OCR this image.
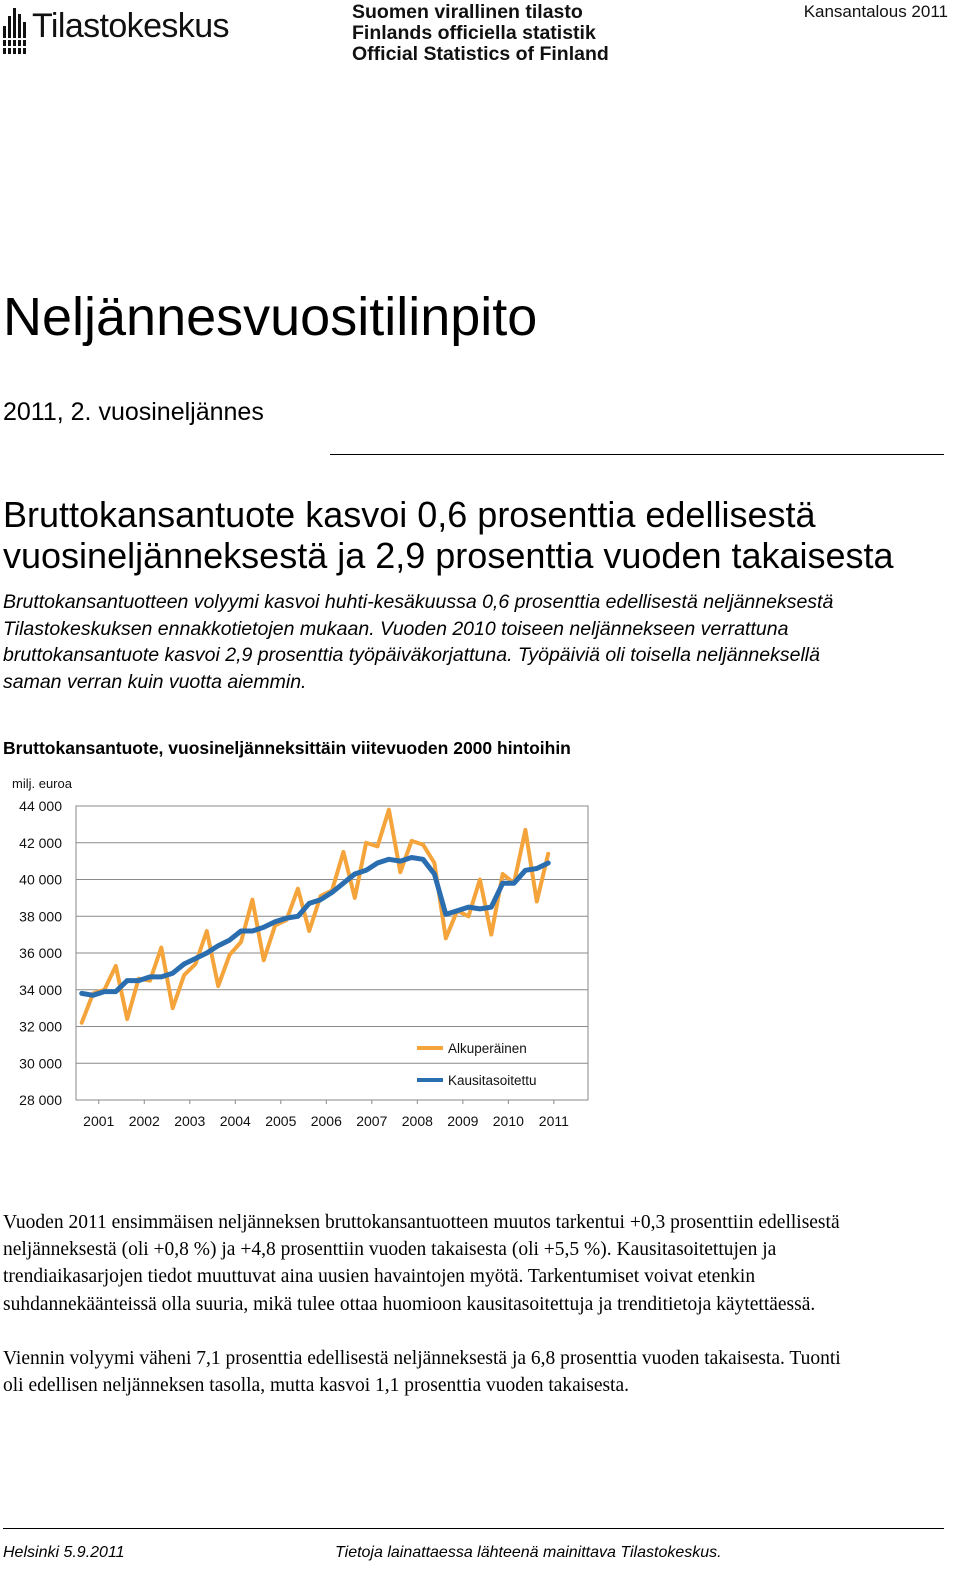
Tilastokeskus	Suomen virallinen tilasto
Finlands officiella statistik
Official Statistics of Finland
Kansantalous 2011
Neljännesvuositilinpito
2011, 2. vuosineljännes
Bruttokansantuote kasvoi 0,6 prosenttia edellisestä
vuosineljänneksestä ja 2,9 prosenttia vuoden takaisesta
Bruttokansantuotteen volyymi kasvoi huhti-kesäkuussa 0,6 prosenttia edellisestä neljänneksestä
Tilastokeskuksen ennakkotietojen mukaan. Vuoden 2010 toiseen neljännekseen verrattuna
bruttokansantuote kasvoi 2,9 prosenttia työpäiväkorjattuna. Työpäiviä oli toisella neljänneksellä
saman verran kuin vuotta aiemmin.
Bruttokansantuote, vuosineljänneksittäin viitevuoden 2000 hintoihin
28 000
30 000
32 000
34 000
36 000
38 000
40 000
42 000
44 000
milj. euroa
2001 2002 2003 2004 2005 2006 2007 2008 2009 2010 2011
Alkuperäinen
Kausitasoitettu
Vuoden 2011 ensimmäisen neljänneksen bruttokansantuotteen muutos tarkentui +0,3 prosenttiin edellisestä
neljänneksestä (oli +0,8 %) ja +4,8 prosenttiin vuoden takaisesta (oli +5,5 %). Kausitasoitettujen ja
trendiaikasarjojen tiedot muuttuvat aina uusien havaintojen myötä. Tarkentumiset voivat etenkin
suhdannekäänteissä olla suuria, mikä tulee ottaa huomioon kausitasoitettuja ja trenditietoja käytettäessä.
Viennin volyymi väheni 7,1 prosenttia edellisestä neljänneksestä ja 6,8 prosenttia vuoden takaisesta. Tuonti
oli edellisen neljänneksen tasolla, mutta kasvoi 1,1 prosenttia vuoden takaisesta.
Helsinki 5.9.2011	Tietoja lainattaessa lähteenä mainittava Tilastokeskus.
